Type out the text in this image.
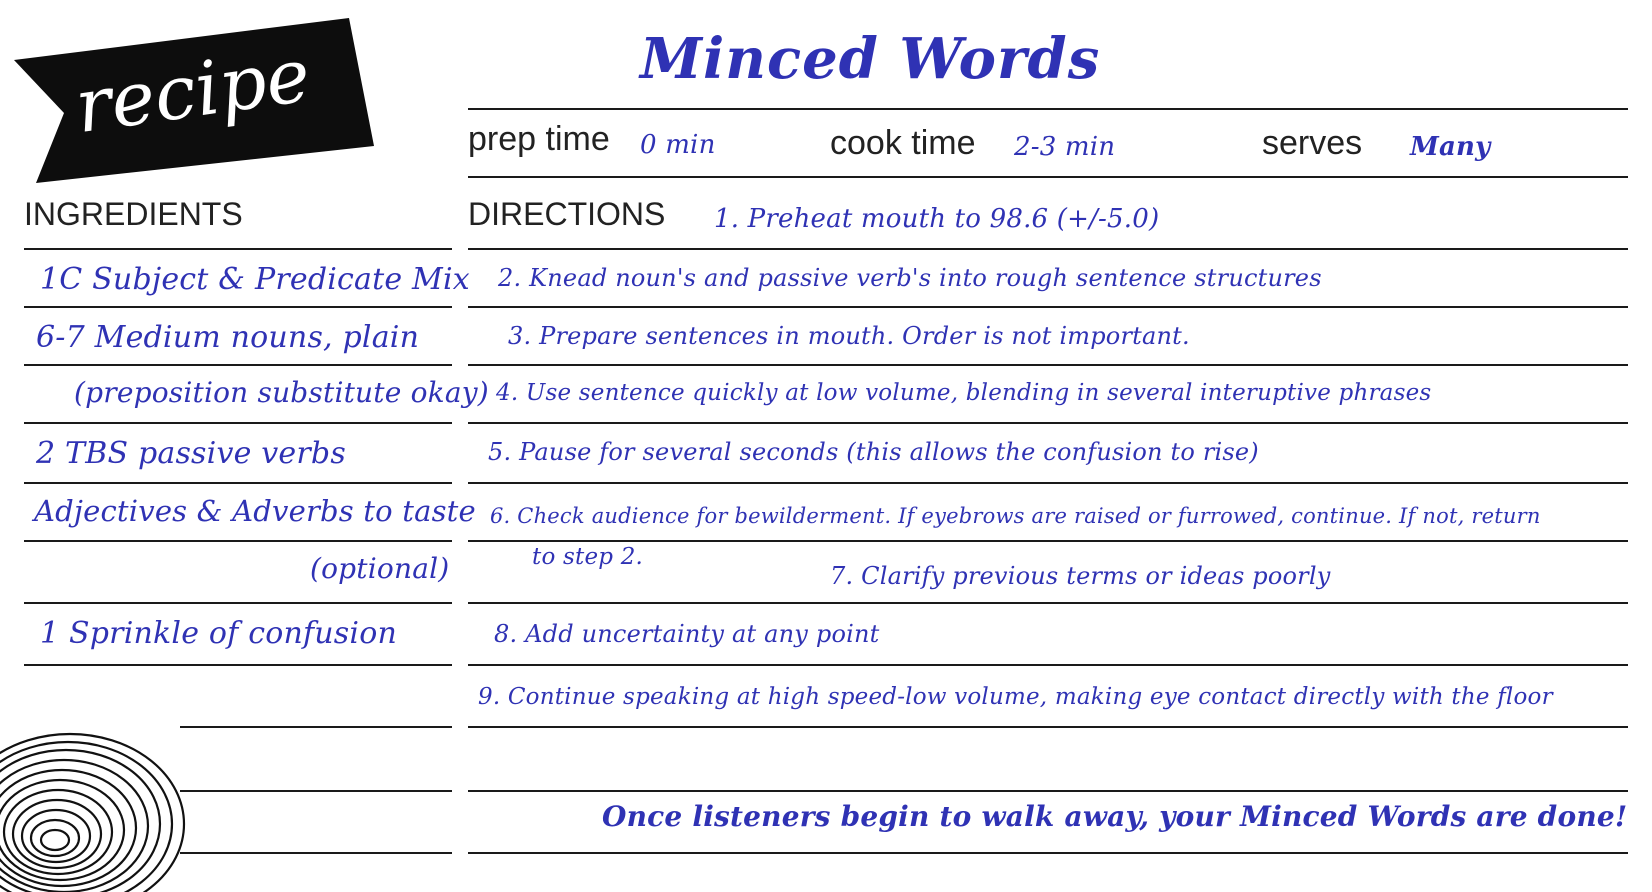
recipe	Minced Words
prep time 0 min	cook time 2-3 min	serves Many
INGREDIENTS	DIRECTIONS
1C Subject & Predicate Mix
6-7 Medium nouns, plain
(preposition substitute okay)
2 TBS passive verbs
Adjectives & Adverbs to taste
(optional)
1 Sprinkle of confusion
1. Preheat mouth to 98.6 (+/-5.0)
2. Knead noun's and passive verb's into rough sentence structures
3. Prepare sentences in mouth. Order is not important.
4. Use sentence quickly at low volume, blending in several interuptive phrases
5. Pause for several seconds (this allows the confusion to rise)
6. Check audience for bewilderment. If eyebrows are raised or furrowed, continue. If not, return
to step 2.
7. Clarify previous terms or ideas poorly
8. Add uncertainty at any point
9. Continue speaking at high speed-low volume, making eye contact directly with the floor
Once listeners begin to walk away, your Minced Words are done!
